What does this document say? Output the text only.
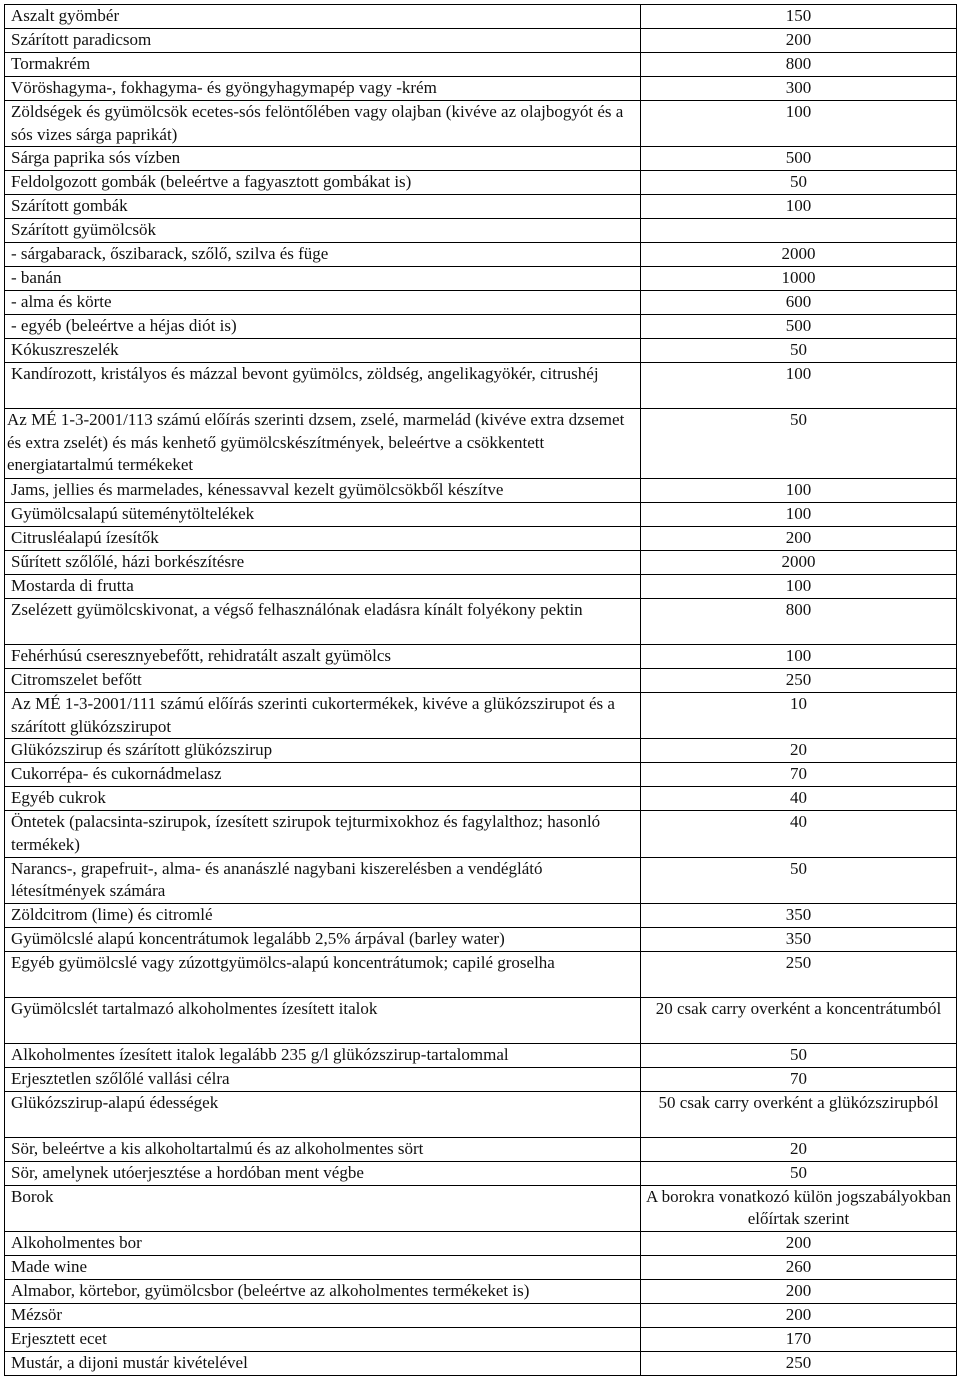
Aszalt gyömbér	150
Szárított paradicsom	200
Tormakrém	800
Vöröshagyma-, fokhagyma- és gyöngyhagymapép vagy -krém	300
Zöldségek és gyümölcsök ecetes-sós felöntőlében vagy olajban (kivéve az olajbogyót és a sós vizes sárga paprikát)	100
Sárga paprika sós vízben	500
Feldolgozott gombák (beleértve a fagyasztott gombákat is)	50
Szárított gombák	100
Szárított gyümölcsök	
- sárgabarack, őszibarack, szőlő, szilva és füge	2000
- banán	1000
- alma és körte	600
- egyéb (beleértve a héjas diót is)	500
Kókuszreszelék	50
Kandírozott, kristályos és mázzal bevont gyümölcs, zöldség, angelikagyökér, citrushéj	100
Az MÉ 1-3-2001/113 számú előírás szerinti dzsem, zselé, marmelád (kivéve extra dzsemet és extra zselét) és más kenhető gyümölcskészítmények, beleértve a csökkentett energiatartalmú termékeket	50
Jams, jellies és marmelades, kénessavval kezelt gyümölcsökből készítve	100
Gyümölcsalapú süteménytöltelékek	100
Citrusléalapú ízesítők	200
Sűrített szőlőlé, házi borkészítésre	2000
Mostarda di frutta	100
Zselézett gyümölcskivonat, a végső felhasználónak eladásra kínált folyékony pektin	800
Fehérhúsú cseresznyebefőtt, rehidratált aszalt gyümölcs	100
Citromszelet befőtt	250
Az MÉ 1-3-2001/111 számú előírás szerinti cukortermékek, kivéve a glükózszirupot és a szárított glükózszirupot	10
Glükózszirup és szárított glükózszirup	20
Cukorrépa- és cukornádmelasz	70
Egyéb cukrok	40
Öntetek (palacsinta-szirupok, ízesített szirupok tejturmixokhoz és fagylalthoz; hasonló termékek)	40
Narancs-, grapefruit-, alma- és ananászlé nagybani kiszerelésben a vendéglátó létesítmények számára	50
Zöldcitrom (lime) és citromlé	350
Gyümölcslé alapú koncentrátumok legalább 2,5% árpával (barley water)	350
Egyéb gyümölcslé vagy zúzottgyümölcs-alapú koncentrátumok; capilé groselha	250
Gyümölcslét tartalmazó alkoholmentes ízesített italok	20 csak carry overként a koncentrátumból
Alkoholmentes ízesített italok legalább 235 g/l glükózszirup-tartalommal	50
Erjesztetlen szőlőlé vallási célra	70
Glükózszirup-alapú édességek	50 csak carry overként a glükózszirupból
Sör, beleértve a kis alkoholtartalmú és az alkoholmentes sört	20
Sör, amelynek utóerjesztése a hordóban ment végbe	50
Borok	A borokra vonatkozó külön jogszabályokban előírtak szerint
Alkoholmentes bor	200
Made wine	260
Almabor, körtebor, gyümölcsbor (beleértve az alkoholmentes termékeket is)	200
Mézsör	200
Erjesztett ecet	170
Mustár, a dijoni mustár kivételével	250
